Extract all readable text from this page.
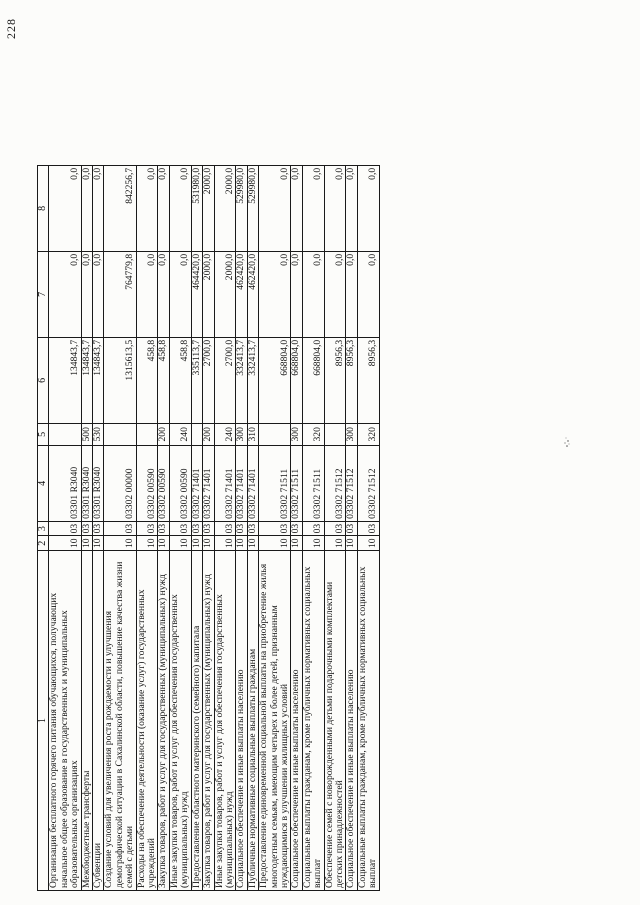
228
1	2	3	4	5	6	7	8
Организация бесплатного горячего питания обучающихся, получающих начальное общее образование в государственных и муниципальных образовательных организациях	10	03	03301 R3040		134843,7	0,0	0,0
Межбюджетные трансферты	10	03	03301 R3040	500	134843,7	0,0	0,0
Субвенции	10	03	03301 R3040	530	134843,7	0,0	0,0
Создание условий для увеличения роста рождаемости и улучшения демографической ситуации в Сахалинской области, повышение качества жизни семей с детьми	10	03	03302 00000		1315613,5	764779,8	842256,7
Расходы на обеспечение деятельности (оказание услуг) государственных учреждений	10	03	03302 00590		458,8	0,0	0,0
Закупка товаров, работ и услуг для государственных (муниципальных) нужд	10	03	03302 00590	200	458,8	0,0	0,0
Иные закупки товаров, работ и услуг для обеспечения государственных (муниципальных) нужд	10	03	03302 00590	240	458,8	0,0	0,0
Предоставление областного материнского (семейного) капитала	10	03	03302 71401		335113,7	464420,0	531980,0
Закупка товаров, работ и услуг для государственных (муниципальных) нужд	10	03	03302 71401	200	2700,0	2000,0	2000,0
Иные закупки товаров, работ и услуг для обеспечения государственных (муниципальных) нужд	10	03	03302 71401	240	2700,0	2000,0	2000,0
Социальное обеспечение и иные выплаты населению	10	03	03302 71401	300	332413,7	462420,0	529980,0
Публичные нормативные социальные выплаты гражданам	10	03	03302 71401	310	332413,7	462420,0	529980,0
Предоставление единовременной социальной выплаты на приобретение жилья многодетным семьям, имеющим четырех и более детей, признанным нуждающимися в улучшении жилищных условий	10	03	03302 71511		668804,0	0,0	0,0
Социальное обеспечение и иные выплаты населению	10	03	03302 71511	300	668804,0	0,0	0,0
Социальные выплаты гражданам, кроме публичных нормативных социальных выплат	10	03	03302 71511	320	668804,0	0,0	0,0
Обеспечение семей с новорожденными детьми подарочными комплектами детских принадлежностей	10	03	03302 71512		8956,3	0,0	0,0
Социальное обеспечение и иные выплаты населению	10	03	03302 71512	300	8956,3	0,0	0,0
Социальные выплаты гражданам, кроме публичных нормативных социальных выплат	10	03	03302 71512	320	8956,3	0,0	0,0
